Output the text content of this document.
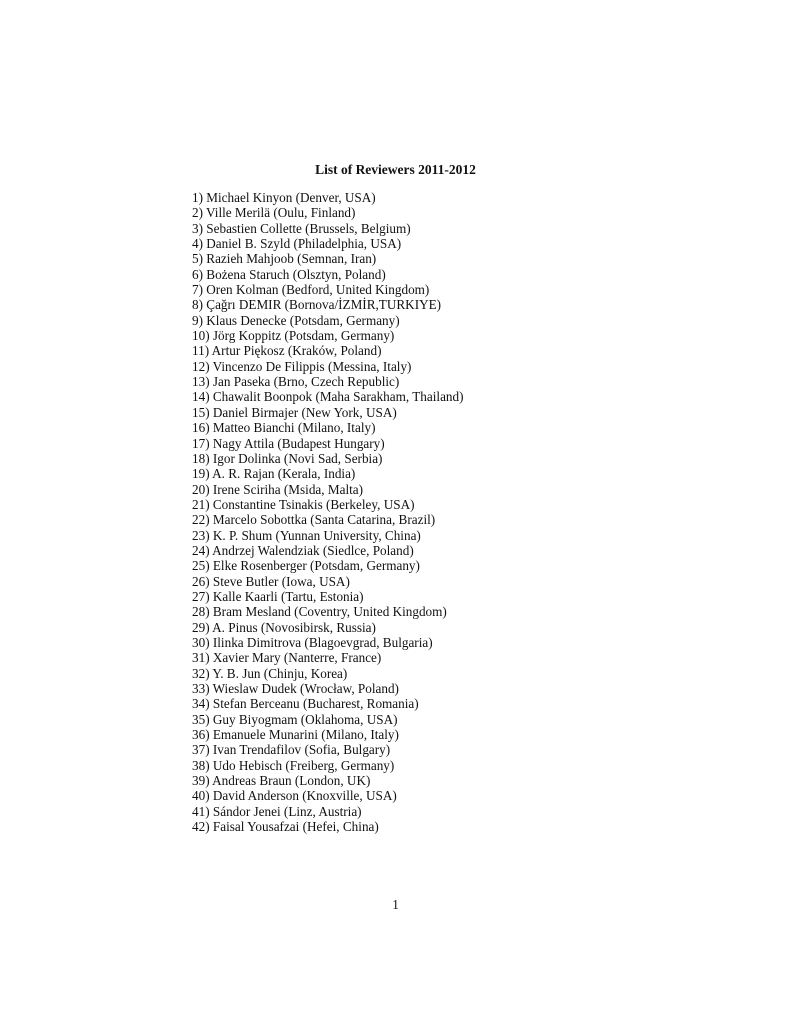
List of Reviewers 2011-2012
1) Michael Kinyon (Denver, USA)
2) Ville Merilä (Oulu, Finland)
3) Sebastien Collette (Brussels, Belgium)
4) Daniel B. Szyld (Philadelphia, USA)
5) Razieh Mahjoob (Semnan, Iran)
6) Bożena Staruch (Olsztyn, Poland)
7) Oren Kolman (Bedford, United Kingdom)
8) Çağrı DEMIR (Bornova/İZMİR,TURKIYE)
9) Klaus Denecke (Potsdam, Germany)
10) Jörg Koppitz (Potsdam, Germany)
11) Artur Piękosz (Kraków, Poland)
12) Vincenzo De Filippis (Messina, Italy)
13) Jan Paseka (Brno, Czech Republic)
14) Chawalit Boonpok (Maha Sarakham, Thailand)
15) Daniel Birmajer (New York, USA)
16) Matteo Bianchi (Milano, Italy)
17) Nagy Attila (Budapest Hungary)
18) Igor Dolinka (Novi Sad, Serbia)
19) A. R. Rajan (Kerala, India)
20) Irene Sciriha (Msida, Malta)
21) Constantine Tsinakis (Berkeley, USA)
22) Marcelo Sobottka (Santa Catarina, Brazil)
23) K. P. Shum (Yunnan University, China)
24) Andrzej Walendziak (Siedlce, Poland)
25) Elke Rosenberger (Potsdam, Germany)
26) Steve Butler (Iowa, USA)
27) Kalle Kaarli (Tartu, Estonia)
28) Bram Mesland (Coventry, United Kingdom)
29) A. Pinus (Novosibirsk, Russia)
30) Ilinka Dimitrova (Blagoevgrad, Bulgaria)
31) Xavier Mary (Nanterre, France)
32) Y. B. Jun (Chinju, Korea)
33) Wieslaw Dudek (Wrocław, Poland)
34) Stefan Berceanu (Bucharest, Romania)
35) Guy Biyogmam (Oklahoma, USA)
36) Emanuele Munarini (Milano, Italy)
37) Ivan Trendafilov (Sofia, Bulgary)
38) Udo Hebisch (Freiberg, Germany)
39) Andreas Braun (London, UK)
40) David Anderson (Knoxville, USA)
41) Sándor Jenei (Linz, Austria)
42) Faisal Yousafzai (Hefei, China)
1
